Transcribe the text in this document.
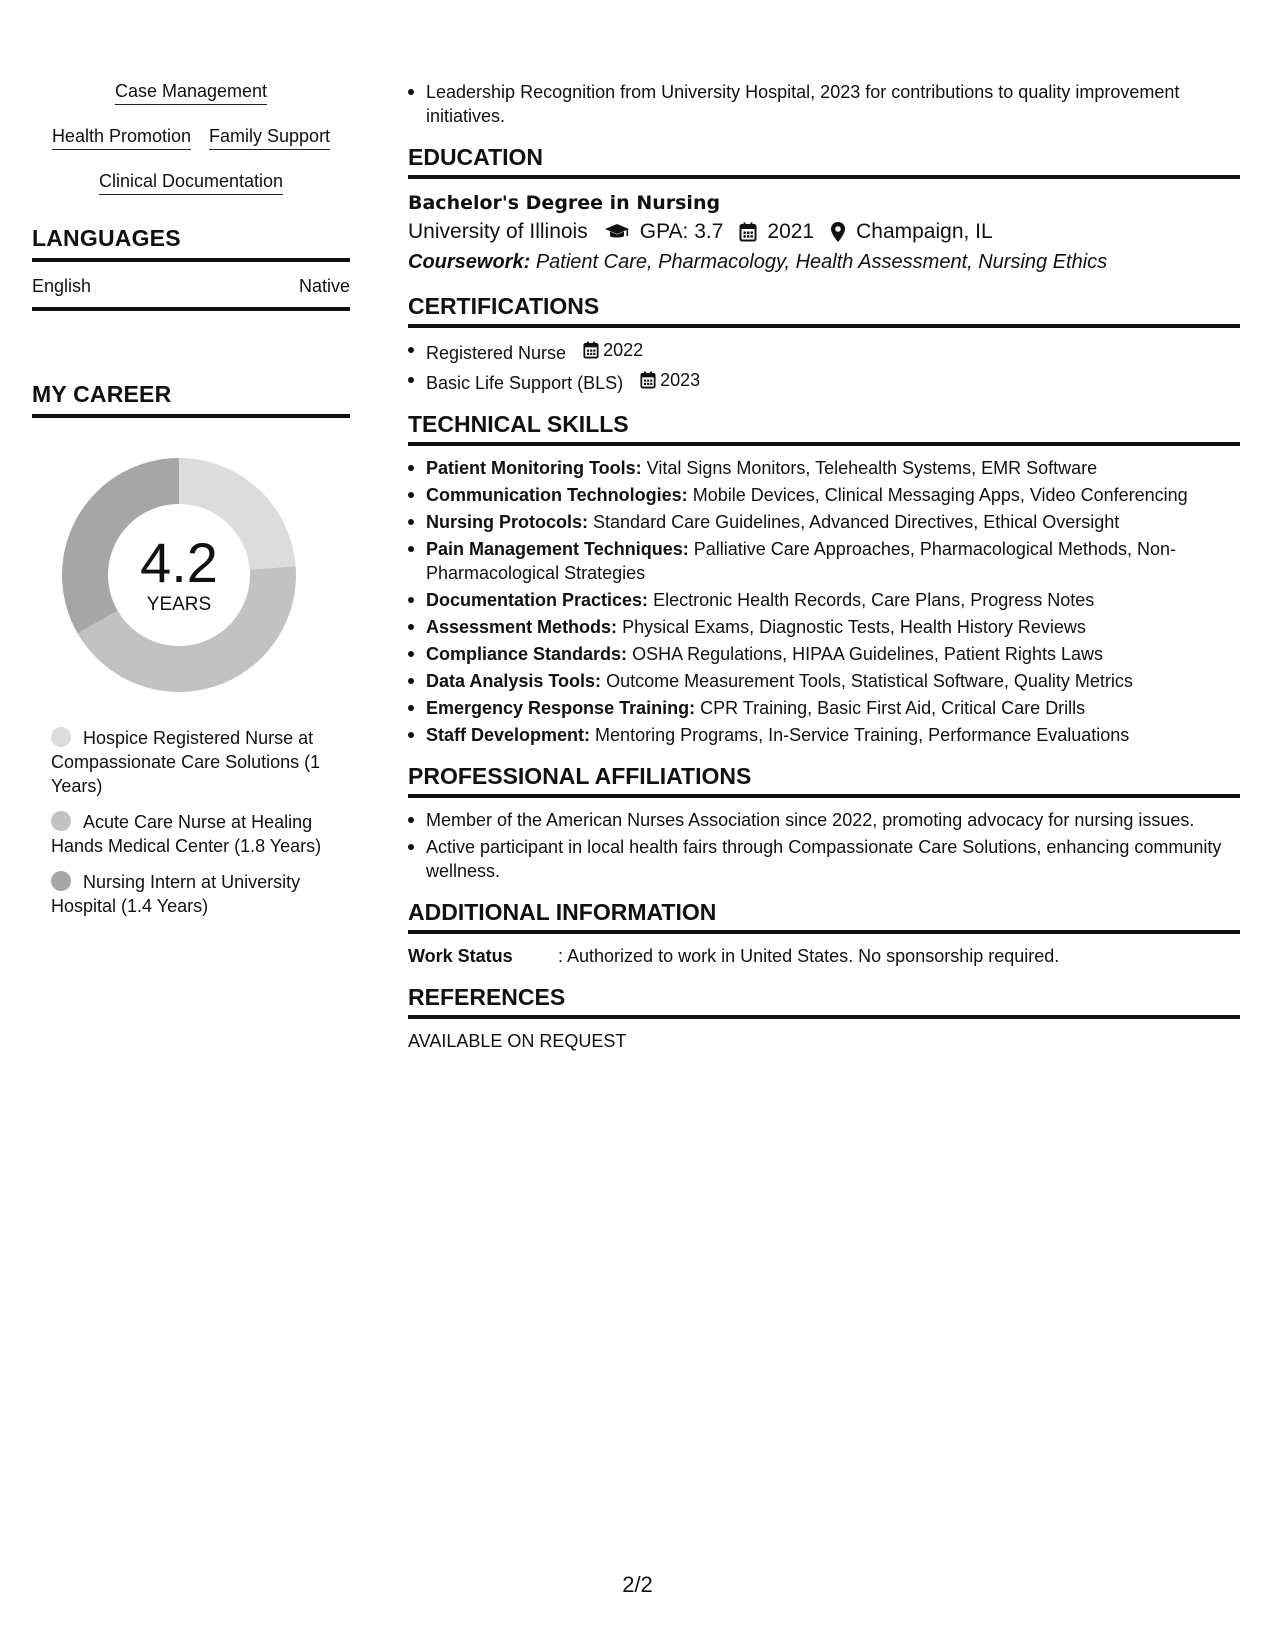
Case Management
Health Promotion Family Support
Clinical Documentation
LANGUAGES
English	Native
MY CAREER
4.2
YEARS
Hospice Registered Nurse at Compassionate Care Solutions (1 Years)
Acute Care Nurse at Healing Hands Medical Center (1.8 Years)
Nursing Intern at University Hospital (1.4 Years)
Leadership Recognition from University Hospital, 2023 for contributions to quality improvement initiatives.
EDUCATION
Bachelor's Degree in Nursing
University of Illinois GPA: 3.7 2021 Champaign, IL
Coursework: Patient Care, Pharmacology, Health Assessment, Nursing Ethics
CERTIFICATIONS
Registered Nurse 2022
Basic Life Support (BLS) 2023
TECHNICAL SKILLS
Patient Monitoring Tools: Vital Signs Monitors, Telehealth Systems, EMR Software
Communication Technologies: Mobile Devices, Clinical Messaging Apps, Video Conferencing
Nursing Protocols: Standard Care Guidelines, Advanced Directives, Ethical Oversight
Pain Management Techniques: Palliative Care Approaches, Pharmacological Methods, Non-Pharmacological Strategies
Documentation Practices: Electronic Health Records, Care Plans, Progress Notes
Assessment Methods: Physical Exams, Diagnostic Tests, Health History Reviews
Compliance Standards: OSHA Regulations, HIPAA Guidelines, Patient Rights Laws
Data Analysis Tools: Outcome Measurement Tools, Statistical Software, Quality Metrics
Emergency Response Training: CPR Training, Basic First Aid, Critical Care Drills
Staff Development: Mentoring Programs, In-Service Training, Performance Evaluations
PROFESSIONAL AFFILIATIONS
Member of the American Nurses Association since 2022, promoting advocacy for nursing issues.
Active participant in local health fairs through Compassionate Care Solutions, enhancing community wellness.
ADDITIONAL INFORMATION
Work Status	: Authorized to work in United States. No sponsorship required.
REFERENCES
AVAILABLE ON REQUEST
2/2
